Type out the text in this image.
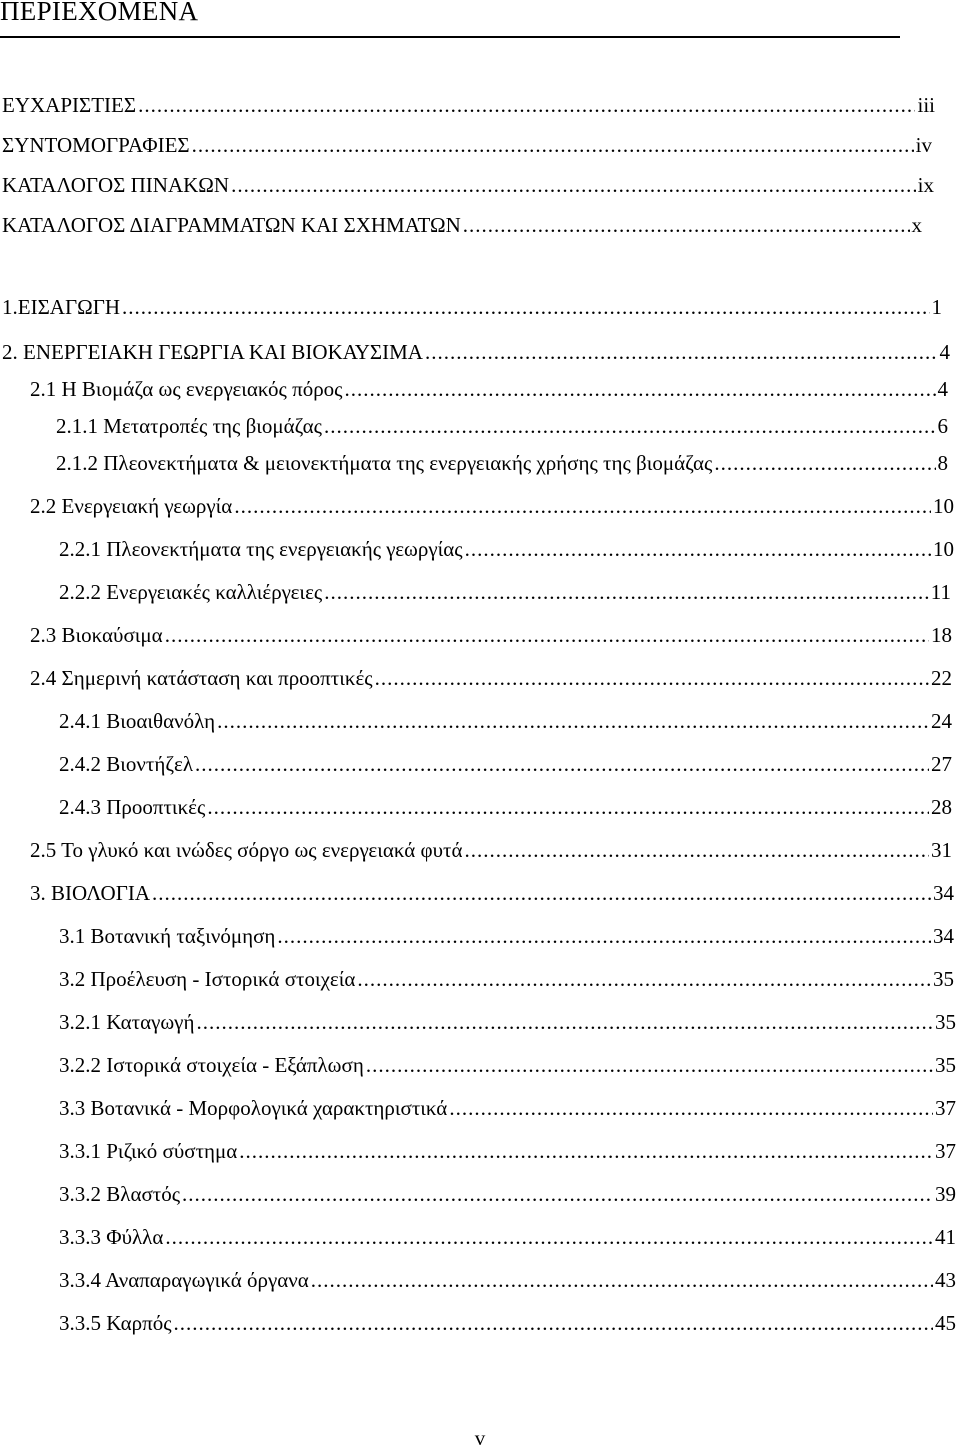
ΠΕΡΙΕΧΟΜΕΝΑ
ΕΥΧΑΡΙΣΤΙΕΣ .....	iii
ΣΥΝΤΟΜΟΓΡΑΦΙΕΣ .....	iv
ΚΑΤΑΛΟΓΟΣ ΠΙΝΑΚΩΝ .....	ix
ΚΑΤΑΛΟΓΟΣ ΔΙΑΓΡΑΜΜΑΤΩΝ ΚΑΙ ΣΧΗΜΑΤΩΝ .....	x
1.ΕΙΣΑΓΩΓΗ .....	1
2. ΕΝΕΡΓΕΙΑΚΗ ΓΕΩΡΓΙΑ ΚΑΙ ΒΙΟΚΑΥΣΙΜΑ .....	4
2.1 Η Βιομάζα ως ενεργειακός πόρος .....	4
2.1.1 Μετατροπές της βιομάζας .....	6
2.1.2 Πλεονεκτήματα & μειονεκτήματα της ενεργειακής χρήσης της βιομάζας .....	8
2.2 Ενεργειακή γεωργία .....	10
2.2.1 Πλεονεκτήματα της ενεργειακής γεωργίας .....	10
2.2.2 Ενεργειακές καλλιέργειες .....	11
2.3 Βιοκαύσιμα .....	18
2.4 Σημερινή κατάσταση και προοπτικές .....	22
2.4.1 Βιοαιθανόλη .....	24
2.4.2 Βιοντήζελ .....	27
2.4.3 Προοπτικές .....	28
2.5 Το γλυκό και ινώδες σόργο ως ενεργειακά φυτά .....	31
3. ΒΙΟΛΟΓΙΑ .....	34
3.1 Βοτανική ταξινόμηση .....	34
3.2 Προέλευση - Ιστορικά στοιχεία .....	35
3.2.1 Καταγωγή .....	35
3.2.2 Ιστορικά στοιχεία - Εξάπλωση .....	35
3.3 Βοτανικά - Μορφολογικά χαρακτηριστικά .....	37
3.3.1 Ριζικό σύστημα .....	37
3.3.2 Βλαστός .....	39
3.3.3 Φύλλα .....	41
3.3.4 Αναπαραγωγικά όργανα .....	43
3.3.5 Καρπός .....	45
v
